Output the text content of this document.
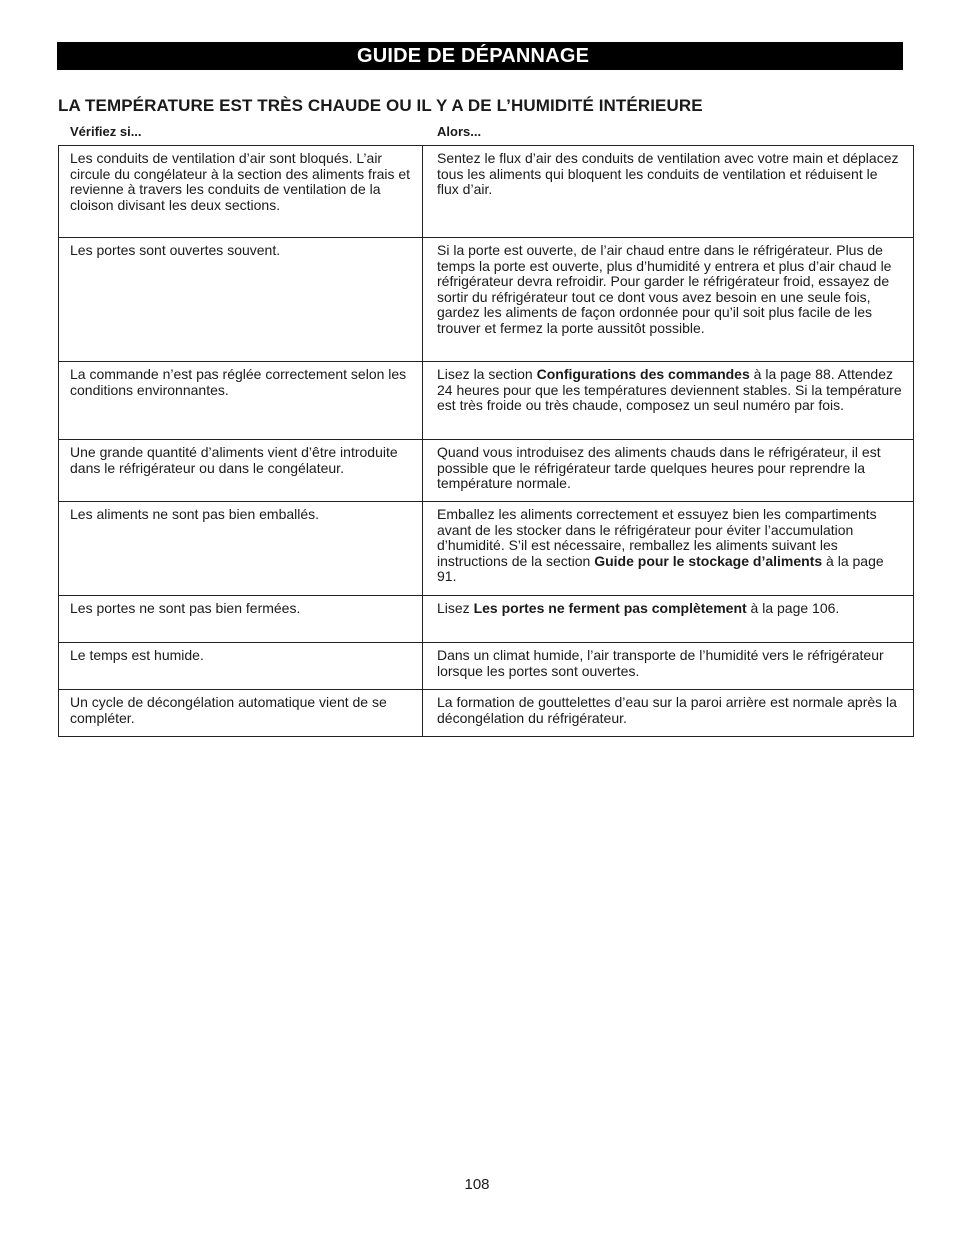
GUIDE DE DÉPANNAGE
LA TEMPÉRATURE EST TRÈS CHAUDE OU IL Y A DE L’HUMIDITÉ INTÉRIEURE
Vérifiez si...	Alors...
Les conduits de ventilation d’air sont bloqués. L’air circule du congélateur à la section des aliments frais et revienne à travers les conduits de ventilation de la cloison divisant les deux sections.	Sentez le flux d’air des conduits de ventilation avec votre main et déplacez tous les aliments qui bloquent les conduits de ventilation et réduisent le flux d’air.
Les portes sont ouvertes souvent.	Si la porte est ouverte, de l’air chaud entre dans le réfrigérateur. Plus de temps la porte est ouverte, plus d’humidité y entrera et plus d’air chaud le réfrigérateur devra refroidir. Pour garder le réfrigérateur froid, essayez de sortir du réfrigérateur tout ce dont vous avez besoin en une seule fois, gardez les aliments de façon ordonnée pour qu’il soit plus facile de les trouver et fermez la porte aussitôt possible.
La commande n’est pas réglée correctement selon les conditions environnantes.	Lisez la section Configurations des commandes à la page 88. Attendez 24 heures pour que les températures deviennent stables. Si la température est très froide ou très chaude, composez un seul numéro par fois.
Une grande quantité d’aliments vient d’être introduite dans le réfrigérateur ou dans le congélateur.	Quand vous introduisez des aliments chauds dans le réfrigérateur, il est possible que le réfrigérateur tarde quelques heures pour reprendre la température normale.
Les aliments ne sont pas bien emballés.	Emballez les aliments correctement et essuyez bien les compartiments avant de les stocker dans le réfrigérateur pour éviter l’accumulation d’humidité. S’il est nécessaire, remballez les aliments suivant les instructions de la section Guide pour le stockage d’aliments à la page 91.
Les portes ne sont pas bien fermées.	Lisez Les portes ne ferment pas complètement à la page 106.
Le temps est humide.	Dans un climat humide, l’air transporte de l’humidité vers le réfrigérateur lorsque les portes sont ouvertes.
Un cycle de décongélation automatique vient de se compléter.	La formation de gouttelettes d’eau sur la paroi arrière est normale après la décongélation du réfrigérateur.
108
